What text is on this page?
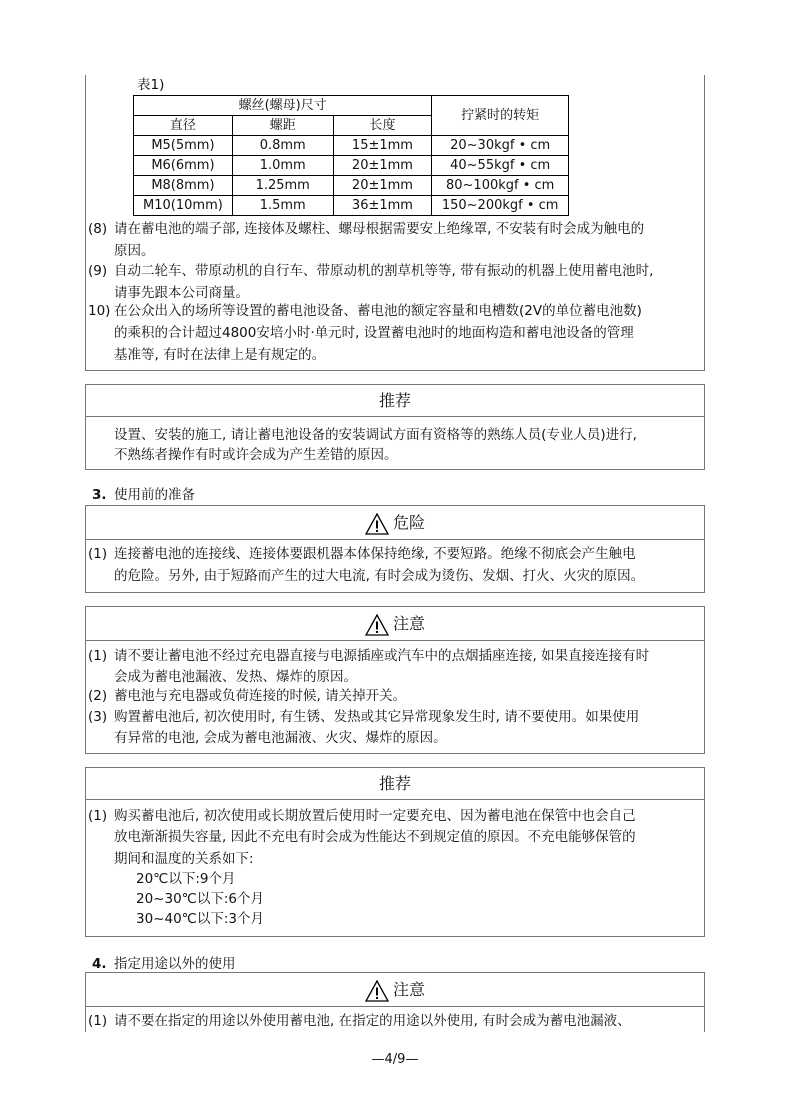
表1)
螺丝(螺母)尺寸			拧紧时的转矩
直径	螺距	长度	
M5(5mm)	0.8mm	15±1mm	20~30kgf • cm
M6(6mm)	1.0mm	20±1mm	40~55kgf • cm
M8(8mm)	1.25mm	20±1mm	80~100kgf • cm
M10(10mm)	1.5mm	36±1mm	150~200kgf • cm
(8) 请在蓄电池的端子部, 连接体及螺柱、螺母根据需要安上绝缘罩, 不安装有时会成为触电的
原因。
(9) 自动二轮车、带原动机的自行车、带原动机的割草机等等, 带有振动的机器上使用蓄电池时,
请事先跟本公司商量。
10) 在公众出入的场所等设置的蓄电池设备、蓄电池的额定容量和电槽数(2V的单位蓄电池数)
的乘积的合计超过4800安培小时·单元时, 设置蓄电池时的地面构造和蓄电池设备的管理
基准等, 有时在法律上是有规定的。
推荐
设置、安装的施工, 请让蓄电池设备的安装调试方面有资格等的熟练人员(专业人员)进行,
不熟练者操作有时或许会成为产生差错的原因。
3. 使用前的准备
危险
(1) 连接蓄电池的连接线、连接体要跟机器本体保持绝缘, 不要短路。绝缘不彻底会产生触电
的危险。另外, 由于短路而产生的过大电流, 有时会成为烫伤、发烟、打火、火灾的原因。
注意
(1) 请不要让蓄电池不经过充电器直接与电源插座或汽车中的点烟插座连接, 如果直接连接有时
会成为蓄电池漏液、发热、爆炸的原因。
(2) 蓄电池与充电器或负荷连接的时候, 请关掉开关。
(3) 购置蓄电池后, 初次使用时, 有生锈、发热或其它异常现象发生时, 请不要使用。如果使用
有异常的电池, 会成为蓄电池漏液、火灾、爆炸的原因。
推荐
(1) 购买蓄电池后, 初次使用或长期放置后使用时一定要充电、因为蓄电池在保管中也会自己
放电渐渐损失容量, 因此不充电有时会成为性能达不到规定值的原因。不充电能够保管的
期间和温度的关系如下:
20℃以下:9个月
20~30℃以下:6个月
30~40℃以下:3个月
4. 指定用途以外的使用
注意
(1) 请不要在指定的用途以外使用蓄电池, 在指定的用途以外使用, 有时会成为蓄电池漏液、
—4/9—
